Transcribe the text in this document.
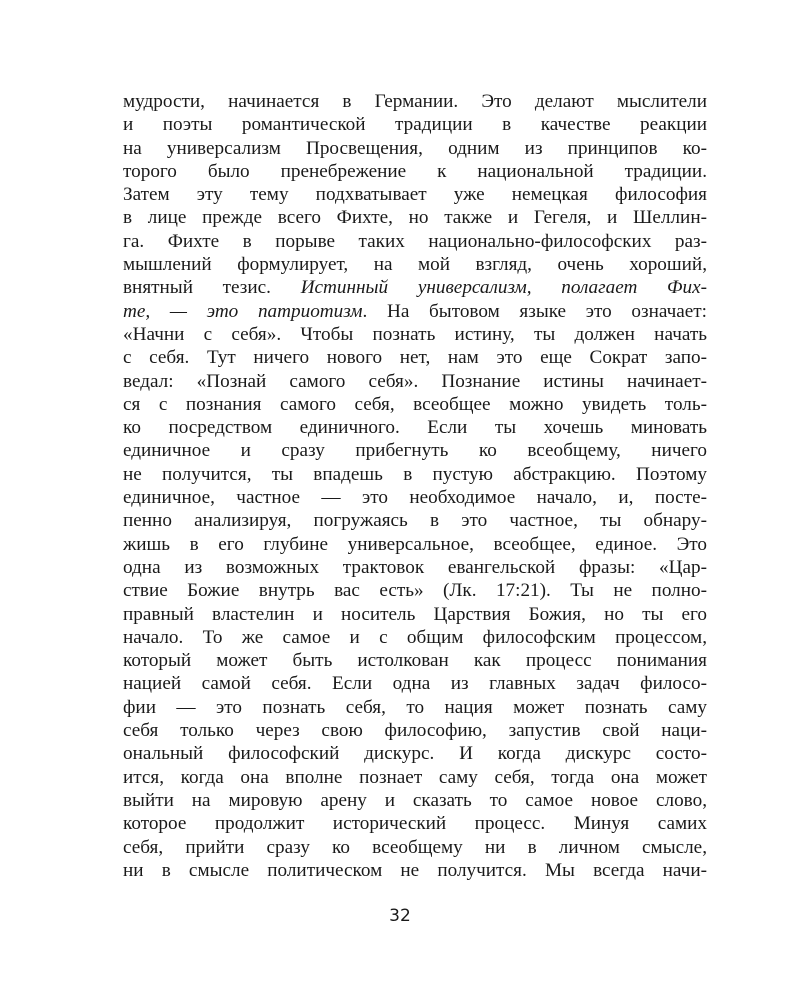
мудрости, начинается в Германии. Это делают мыслители
и поэты романтической традиции в качестве реакции
на универсализм Просвещения, одним из принципов ко-
торого было пренебрежение к национальной традиции.
Затем эту тему подхватывает уже немецкая философия
в лице прежде всего Фихте, но также и Гегеля, и Шеллин-
га. Фихте в порыве таких национально-философских раз-
мышлений формулирует, на мой взгляд, очень хороший,
внятный тезис. Истинный универсализм, полагает Фих-
те, — это патриотизм. На бытовом языке это означает:
«Начни с себя». Чтобы познать истину, ты должен начать
с себя. Тут ничего нового нет, нам это еще Сократ запо-
ведал: «Познай самого себя». Познание истины начинает-
ся с познания самого себя, всеобщее можно увидеть толь-
ко посредством единичного. Если ты хочешь миновать
единичное и сразу прибегнуть ко всеобщему, ничего
не получится, ты впадешь в пустую абстракцию. Поэтому
единичное, частное — это необходимое начало, и, посте-
пенно анализируя, погружаясь в это частное, ты обнару-
жишь в его глубине универсальное, всеобщее, единое. Это
одна из возможных трактовок евангельской фразы: «Цар-
ствие Божие внутрь вас есть» (Лк. 17:21). Ты не полно-
правный властелин и носитель Царствия Божия, но ты его
начало. То же самое и с общим философским процессом,
который может быть истолкован как процесс понимания
нацией самой себя. Если одна из главных задач филосо-
фии — это познать себя, то нация может познать саму
себя только через свою философию, запустив свой наци-
ональный философский дискурс. И когда дискурс состо-
ится, когда она вполне познает саму себя, тогда она может
выйти на мировую арену и сказать то самое новое слово,
которое продолжит исторический процесс. Минуя самих
себя, прийти сразу ко всеобщему ни в личном смысле,
ни в смысле политическом не получится. Мы всегда начи-
32
